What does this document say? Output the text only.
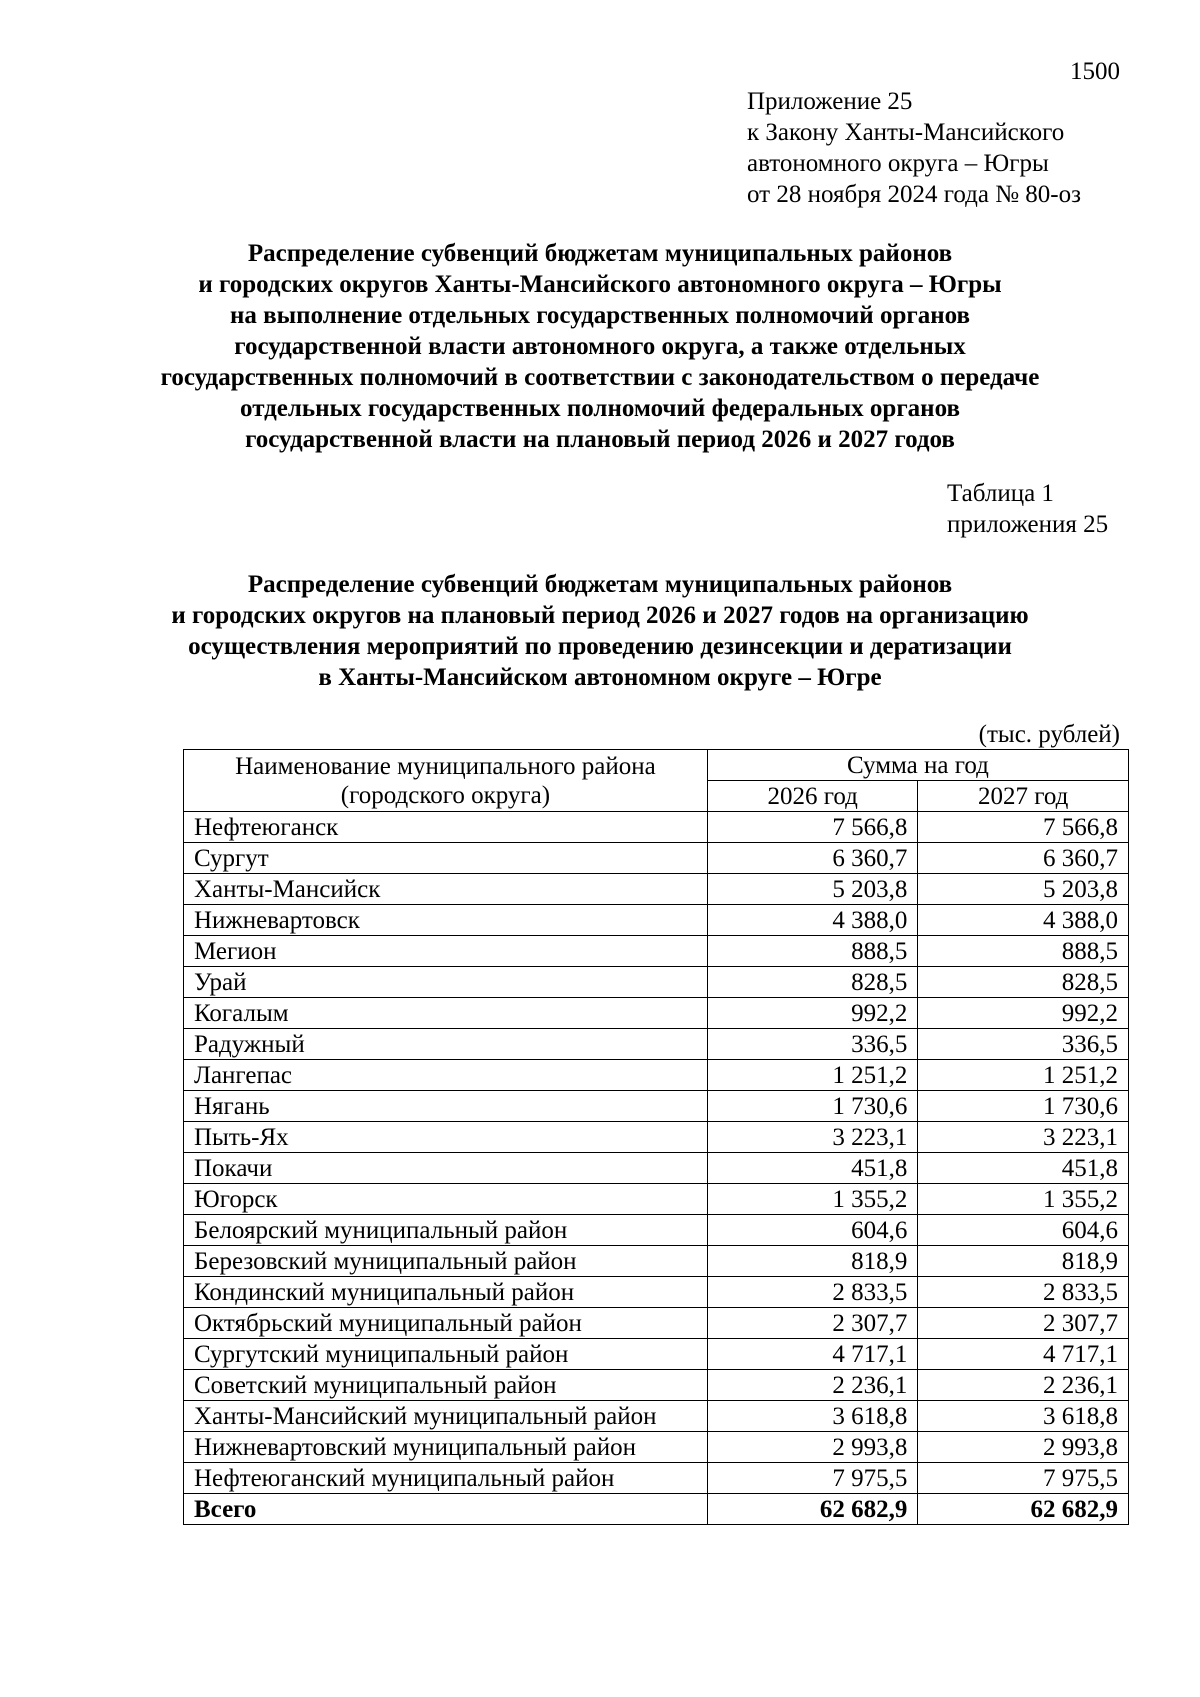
1500
Приложение 25
к Закону Ханты-Мансийского
автономного округа – Югры
от 28 ноября 2024 года № 80-оз
Распределение субвенций бюджетам муниципальных районов
и городских округов Ханты-Мансийского автономного округа – Югры
на выполнение отдельных государственных полномочий органов
государственной власти автономного округа, а также отдельных
государственных полномочий в соответствии с законодательством о передаче
отдельных государственных полномочий федеральных органов
государственной власти на плановый период 2026 и 2027 годов
Таблица 1
приложения 25
Распределение субвенций бюджетам муниципальных районов
и городских округов на плановый период 2026 и 2027 годов на организацию
осуществления мероприятий по проведению дезинсекции и дератизации
в Ханты-Мансийском автономном округе – Югре
(тыс. рублей)
Наименование муниципального района
(городского округа)	Сумма на год	
	2026 год	2027 год
Нефтеюганск	7 566,8	7 566,8
Сургут	6 360,7	6 360,7
Ханты-Мансийск	5 203,8	5 203,8
Нижневартовск	4 388,0	4 388,0
Мегион	888,5	888,5
Урай	828,5	828,5
Когалым	992,2	992,2
Радужный	336,5	336,5
Лангепас	1 251,2	1 251,2
Нягань	1 730,6	1 730,6
Пыть-Ях	3 223,1	3 223,1
Покачи	451,8	451,8
Югорск	1 355,2	1 355,2
Белоярский муниципальный район	604,6	604,6
Березовский муниципальный район	818,9	818,9
Кондинский муниципальный район	2 833,5	2 833,5
Октябрьский муниципальный район	2 307,7	2 307,7
Сургутский муниципальный район	4 717,1	4 717,1
Советский муниципальный район	2 236,1	2 236,1
Ханты-Мансийский муниципальный район	3 618,8	3 618,8
Нижневартовский муниципальный район	2 993,8	2 993,8
Нефтеюганский муниципальный район	7 975,5	7 975,5
Всего	62 682,9	62 682,9
